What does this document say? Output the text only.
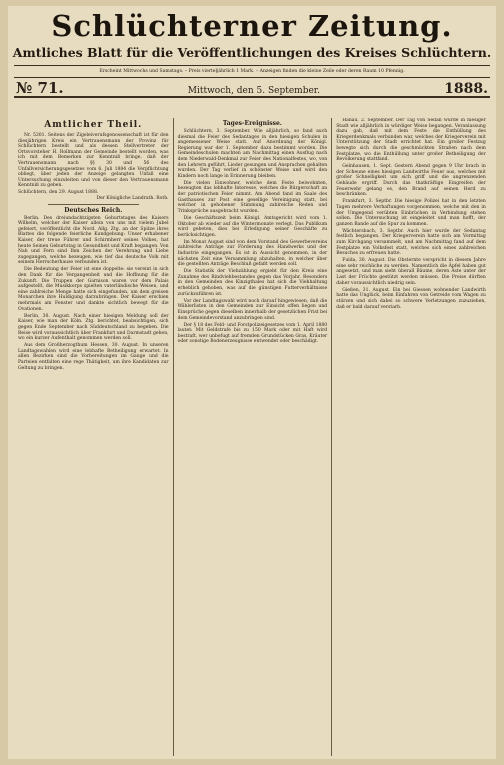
Schlüchterner Zeitung.
Amtliches Blatt für die Veröffentlichungen des Kreises Schlüchtern.
Erscheint Mittwochs und Samstags. – Preis vierteljährlich 1 Mark. – Anzeigen finden die kleine Zeile oder deren Raum 10 Pfennig.
№ 71.	Mittwoch, den 5. September.	1888.
Amtlicher Theil.

Nr. 5301. Seitens der Zigeleiverufsgenossenschaft ist für den diesjährigen Kreis ein Vertrauensmann der Provinz für Schlüchtern bestellt und als dessen Stellvertreter der Ortsvorsteher H. Rollmann der Gemeinde bestellt worden, was ich mit dem Bemerken zur Kenntniß bringe, daß der Vertrauensmann nach §§ 30 und 56 des Unfallversicherungsgesetzes vom 6. Juli 1884 die Verpflichtung obliegt, über jeden der Anzeige gelangten Unfall eine Untersuchung einzuleiten und von dieser den Vertrauensmann Kenntniß zu geben.

Schlüchtern, den 29. August 1888.

Der Königliche Landrath. Roth.

Deutsches Reich.

Berlin. Des dreiundachtzigsten Geburtstages des Kaisers Wilhelm, welcher der Kaiser allein von uns mit vielem Jubel gefeiert, veröffentlicht die Nord. Allg. Ztg. an der Spitze ihres Blattes die folgende feierliche Kundgebung: Unser erhabener Kaiser, der treue Führer und Schirmherr seines Volkes, hat heute Seinen Geburtstag in Gesundheit und Kraft begangen. Von Nah und Fern sind Ihm Zeichen der Verehrung und Liebe zugegangen, welche bezeugen, wie tief das deutsche Volk mit seinem Herrscherhause verbunden ist.

Die Bedeutung der Feier ist eine doppelte: sie vereint in sich den Dank für die Vergangenheit und die Hoffnung für die Zukunft. Die Truppen der Garnison waren vor dem Palais aufgestellt, die Musikkorps spielten vaterländische Weisen, und eine zahlreiche Menge hatte sich eingefunden, um dem greisen Monarchen ihre Huldigung darzubringen. Der Kaiser erschien mehrmals am Fenster und dankte sichtlich bewegt für die Ovationen.

Berlin, 30. August. Nach einer hiesigen Meldung soll der Kaiser, wie man der Köln. Ztg. berichtet, beabsichtigen, sich gegen Ende September nach Süddeutschland zu begeben. Die Reise wird voraussichtlich über Frankfurt und Darmstadt gehen, wo ein kurzer Aufenthalt genommen werden soll.

Aus dem Großherzogthum Hessen, 30. August. In unseren Landtagswahlen wird eine lebhafte Betheiligung erwartet. In allen Bezirken sind die Vorbereitungen im Gange und die Parteien entfalten eine rege Thätigkeit, um ihre Kandidaten zur Geltung zu bringen.

Tages-Ereignisse.

Schlüchtern, 3. September. Wie alljährlich, so fand auch diesmal die Feier des Sedantages in den hiesigen Schulen in angemessener Weise statt. Auf Anordnung der Königl. Regierung war der 1. September dazu bestimmt worden. Die Gemeindeschulen machten am Nachmittag einen Ausflug nach dem Niederwald-Denkmal zur Feier des Nationalfestes, wo, von den Lehrern geführt, Lieder gesungen und Ansprachen gehalten wurden. Der Tag verlief in schönster Weise und wird den Kindern noch lange in Erinnerung bleiben.

Die vielen Einwohner, welche dem Feste beiwohnten, bezeugten das lebhafte Interesse, welches die Bürgerschaft an der patriotischen Feier nimmt. Am Abend fand im Saale des Gasthauses zur Post eine gesellige Vereinigung statt, bei welcher in gehobener Stimmung zahlreiche Reden und Trinksprüche ausgebracht wurden.

Die Geschäftszeit beim Königl. Amtsgericht wird vom 1. Oktober ab wieder auf die Wintermonate verlegt. Das Publikum wird gebeten, dies bei Erledigung seiner Geschäfte zu berücksichtigen.

Im Monat August sind von dem Vorstand des Gewerbevereins zahlreiche Anträge zur Förderung des Handwerks und der Industrie eingegangen. Es ist in Aussicht genommen, in der nächsten Zeit eine Versammlung abzuhalten, in welcher über die gestellten Anträge Beschluß gefaßt werden soll.

Die Statistik der Viehzählung ergiebt für den Kreis eine Zunahme des Rindviehbestandes gegen das Vorjahr. Besonders in den Gemeinden des Kinzigthales hat sich die Viehhaltung erheblich gehoben, was auf die günstigen Futterverhältnisse zurückzuführen ist.

Vor der Landtagswahl wird noch darauf hingewiesen, daß die Wählerlisten in den Gemeinden zur Einsicht offen liegen und Einsprüche gegen dieselben innerhalb der gesetzlichen Frist bei dem Gemeindevorstand anzubringen sind.

Der § 18 des Feld- und Forstpolizeigesetzes vom 1. April 1880 lautet: Mit Geldstrafe bis zu 150 Mark oder mit Haft wird bestraft, wer unbefugt auf fremden Grundstücken Gras, Kräuter oder sonstige Bodenerzeugnisse entwendet oder beschädigt.

Hanau, 2. September. Der Tag von Sedan wurde in hiesiger Stadt wie alljährlich in würdiger Weise begangen. Veranlassung dazu gab, daß mit dem Feste die Enthüllung des Kriegerdenkmals verbunden war, welches der Kriegerverein mit Unterstützung der Stadt errichtet hat. Ein großer Festzug bewegte sich durch die geschmückten Straßen nach dem Festplatze, wo die Enthüllung unter großer Betheiligung der Bevölkerung stattfand.

Gelnhausen, 1. Sept. Gestern Abend gegen 9 Uhr brach in der Scheune eines hiesigen Landwirths Feuer aus, welches mit großer Schnelligkeit um sich griff und die angrenzenden Gebäude ergriff. Durch das thatkräftige Eingreifen der Feuerwehr gelang es, den Brand auf seinen Herd zu beschränken.

Frankfurt, 3. Septbr. Die hiesige Polizei hat in den letzten Tagen mehrere Verhaftungen vorgenommen, welche mit den in der Umgegend verübten Einbrüchen in Verbindung stehen sollen. Die Untersuchung ist eingeleitet und man hofft, der ganzen Bande auf die Spur zu kommen.

Wächtersbach, 3. Septbr. Auch hier wurde der Sedantag festlich begangen. Der Kriegerverein hatte sich am Vormittag zum Kirchgang versammelt, und am Nachmittag fand auf dem Festplatze ein Volksfest statt, welches sich eines zahlreichen Besuches zu erfreuen hatte.

Fulda, 30. August. Die Obsternte verspricht in diesem Jahre eine sehr reichliche zu werden. Namentlich die Äpfel haben gut angesetzt, und man sieht überall Bäume, deren Äste unter der Last der Früchte gestützt werden müssen. Die Preise dürften daher voraussichtlich niedrig sein.

Gießen, 31. August. Ein bei Giessen wohnender Landwirth hatte das Unglück, beim Einfahren von Getreide vom Wagen zu stürzen und sich dabei so schwere Verletzungen zuzuziehen, daß er bald darauf verstarb.
